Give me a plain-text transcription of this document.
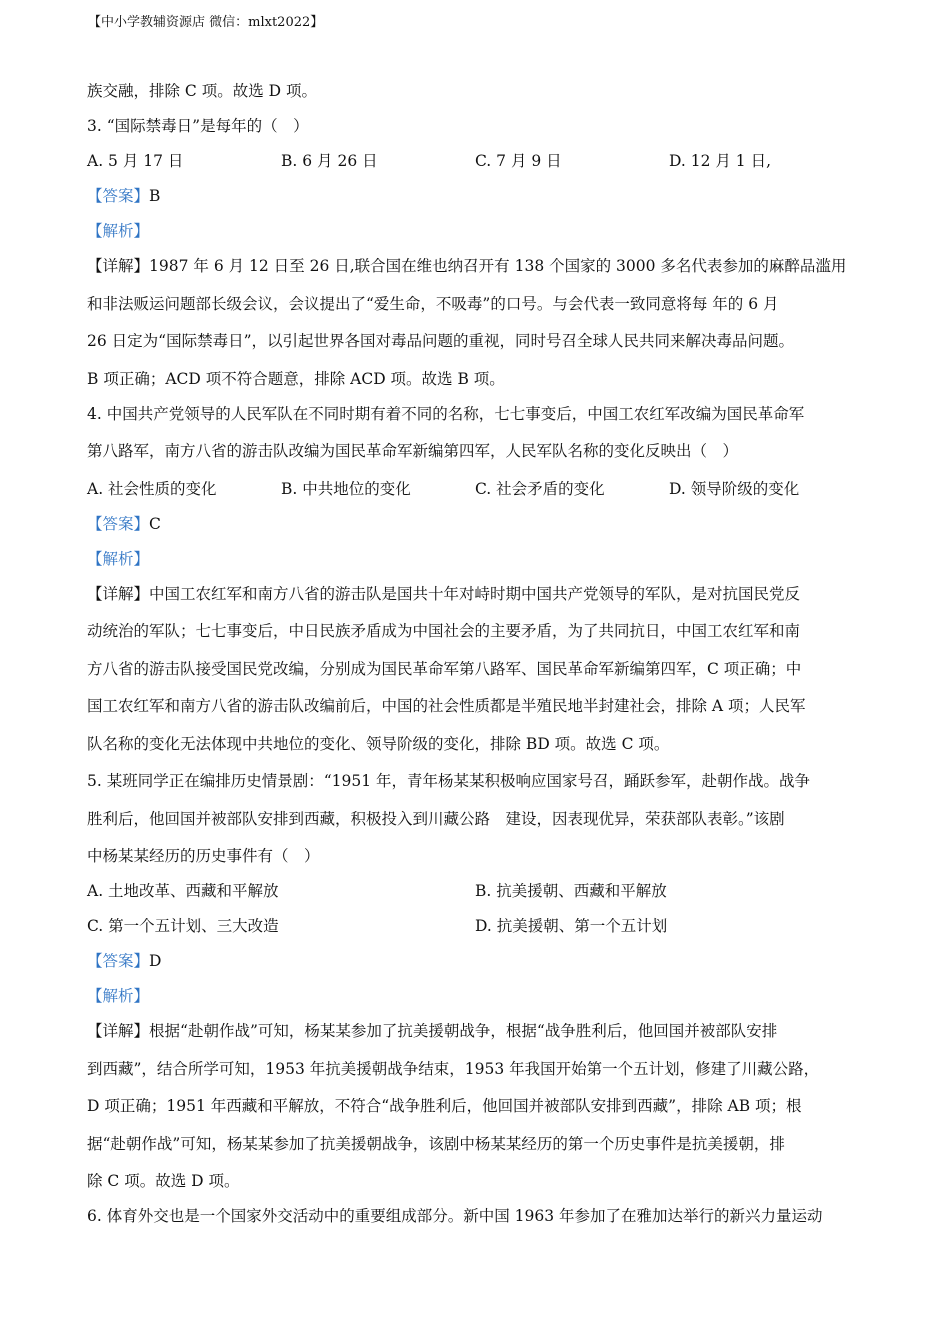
【中小学教辅资源店 微信：mlxt2022】
族交融，排除 C 项。故选 D 项。
3. “国际禁毒日”是每年的（　）
A. 5 月 17 日	B. 6 月 26 日	C. 7 月 9 日	D. 12 月 1 日,
【答案】B
【解析】
【详解】1987 年 6 月 12 日至 26 日,联合国在维也纳召开有 138 个国家的 3000 多名代表参加的麻醉品滥用
和非法贩运问题部长级会议，会议提出了“爱生命，不吸毒”的口号。与会代表一致同意将每 年的 6 月
26 日定为“国际禁毒日”，以引起世界各国对毒品问题的重视，同时号召全球人民共同来解决毒品问题。
B 项正确；ACD 项不符合题意，排除 ACD 项。故选 B 项。
4. 中国共产党领导的人民军队在不同时期有着不同的名称，七七事变后，中国工农红军改编为国民革命军
第八路军，南方八省的游击队改编为国民革命军新编第四军，人民军队名称的变化反映出（　）
A. 社会性质的变化	B. 中共地位的变化	C. 社会矛盾的变化	D. 领导阶级的变化
【答案】C
【解析】
【详解】中国工农红军和南方八省的游击队是国共十年对峙时期中国共产党领导的军队，是对抗国民党反
动统治的军队；七七事变后，中日民族矛盾成为中国社会的主要矛盾，为了共同抗日，中国工农红军和南
方八省的游击队接受国民党改编，分别成为国民革命军第八路军、国民革命军新编第四军，C 项正确；中
国工农红军和南方八省的游击队改编前后，中国的社会性质都是半殖民地半封建社会，排除 A 项；人民军
队名称的变化无法体现中共地位的变化、领导阶级的变化，排除 BD 项。故选 C 项。
5. 某班同学正在编排历史情景剧：“1951 年，青年杨某某积极响应国家号召，踊跃参军，赴朝作战。战争
胜利后，他回国并被部队安排到西藏，积极投入到川藏公路　建设，因表现优异，荣获部队表彰。”该剧
中杨某某经历的历史事件有（　）
A. 土地改革、西藏和平解放	B. 抗美援朝、西藏和平解放
C. 第一个五计划、三大改造	D. 抗美援朝、第一个五计划
【答案】D
【解析】
【详解】根据“赴朝作战”可知，杨某某参加了抗美援朝战争，根据“战争胜利后，他回国并被部队安排
到西藏”，结合所学可知，1953 年抗美援朝战争结束，1953 年我国开始第一个五计划，修建了川藏公路，
D 项正确；1951 年西藏和平解放，不符合“战争胜利后，他回国并被部队安排到西藏”，排除 AB 项；根
据“赴朝作战”可知，杨某某参加了抗美援朝战争，该剧中杨某某经历的第一个历史事件是抗美援朝，排
除 C 项。故选 D 项。
6. 体育外交也是一个国家外交活动中的重要组成部分。新中国 1963 年参加了在雅加达举行的新兴力量运动
